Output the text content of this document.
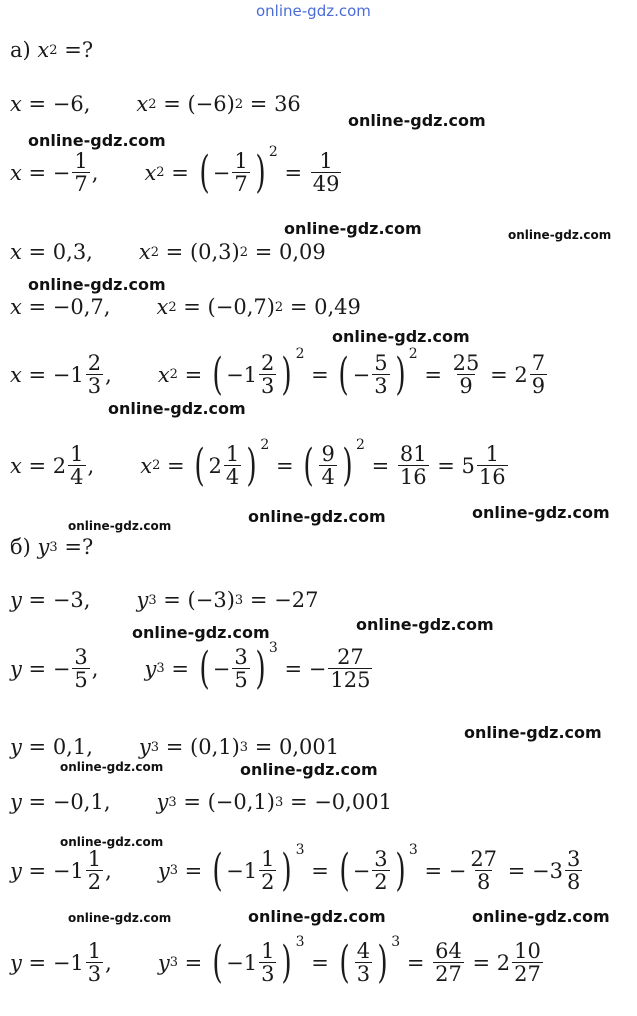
online-gdz.com
а)
x 2
=?
x = −6, x 2 = (−6) 2 = 36
x = − $\frac{1}{7}$ , x 2 = ( − $\frac{1}{7}$ ) 2
= $\frac{1}{49}$
x = 0,3, x 2 = (0,3) 2 = 0,09
x = −0,7, x 2 = (−0,7) 2 = 0,49
$x = -1 \frac{2}{3}$ , x 2 = ( $-1 \frac{2}{3}$ ) 2
= ( − $\frac{5}{3}$ ) 2
= $\frac{25}{9} = 2 \frac{7}{9}$
$x = 2 \frac{1}{4}$ , x 2 = ( $2 \frac{1}{4}$ ) 2
= ( $\frac{9}{4}$ ) 2
= $\frac{81}{16} = 5 \frac{1}{16}$
б)
y 3
=?
y = −3, y 3 = (−3) 3 = −27
y = − $\frac{3}{5}$ , y 3 = ( − $\frac{3}{5}$ ) 3
= − $\frac{27}{125}$
y = 0,1, y 3 = (0,1) 3 = 0,001
y = −0,1, y 3 = (−0,1) 3 = −0,001
$y = -1 \frac{1}{2}$ , y 3 = ( $-1 \frac{1}{2}$ ) 3
= ( − $\frac{3}{2}$ ) 3
= − $\frac{27}{8} = -3 \frac{3}{8}$
$y = -1 \frac{1}{3}$ , y 3 = ( $-1 \frac{1}{3}$ ) 3
= ( $\frac{4}{3}$ ) 3
= $\frac{64}{27} = 2 \frac{10}{27}$
online-gdz.com
online-gdz.com
online-gdz.com	online-gdz.com
online-gdz.com
online-gdz.com
online-gdz.com
online-gdz.com	online-gdz.com
online-gdz.com
online-gdz.com
online-gdz.com
online-gdz.com
online-gdz.com	online-gdz.com
online-gdz.com
online-gdz.com	online-gdz.com	online-gdz.com
